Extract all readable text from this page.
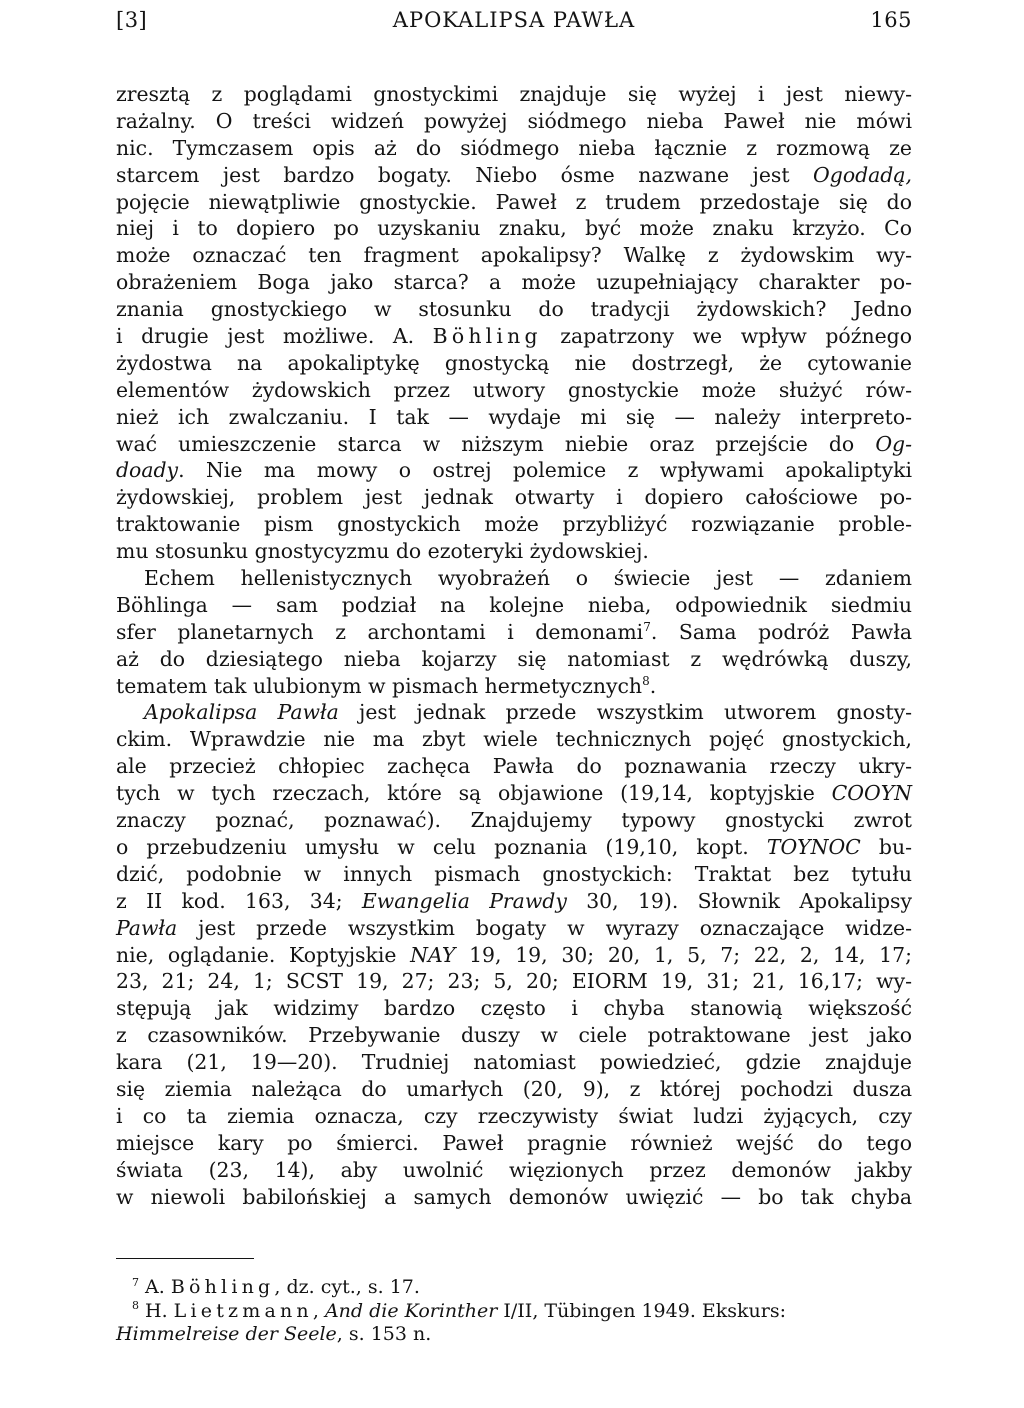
[3]	APOKALIPSA PAWŁA	165
zresztą z poglądami gnostyckimi znajduje się wyżej i jest niewy-
rażalny. O treści widzeń powyżej siódmego nieba Paweł nie mówi
nic. Tymczasem opis aż do siódmego nieba łącznie z rozmową ze
starcem jest bardzo bogaty. Niebo ósme nazwane jest Ogodadą,
pojęcie niewątpliwie gnostyckie. Paweł z trudem przedostaje się do
niej i to dopiero po uzyskaniu znaku, być może znaku krzyżo. Co
może oznaczać ten fragment apokalipsy? Walkę z żydowskim wy-
obrażeniem Boga jako starca? a może uzupełniający charakter po-
znania gnostyckiego w stosunku do tradycji żydowskich? Jedno
i drugie jest możliwe. A. Böhling zapatrzony we wpływ późnego
żydostwa na apokaliptykę gnostycką nie dostrzegł, że cytowanie
elementów żydowskich przez utwory gnostyckie może służyć rów-
nież ich zwalczaniu. I tak — wydaje mi się — należy interpreto-
wać umieszczenie starca w niższym niebie oraz przejście do Og-
doady. Nie ma mowy o ostrej polemice z wpływami apokaliptyki
żydowskiej, problem jest jednak otwarty i dopiero całościowe po-
traktowanie pism gnostyckich może przybliżyć rozwiązanie proble-
mu stosunku gnostycyzmu do ezoteryki żydowskiej.
Echem hellenistycznych wyobrażeń o świecie jest — zdaniem
Böhlinga — sam podział na kolejne nieba, odpowiednik siedmiu
sfer planetarnych z archontami i demonami$^7$. Sama podróż Pawła
aż do dziesiątego nieba kojarzy się natomiast z wędrówką duszy,
tematem tak ulubionym w pismach hermetycznych$^8$.
Apokalipsa Pawła jest jednak przede wszystkim utworem gnosty-
ckim. Wprawdzie nie ma zbyt wiele technicznych pojęć gnostyckich,
ale przecież chłopiec zachęca Pawła do poznawania rzeczy ukry-
tych w tych rzeczach, które są objawione (19,14, koptyjskie COOYN
znaczy poznać, poznawać). Znajdujemy typowy gnostycki zwrot
o przebudzeniu umysłu w celu poznania (19,10, kopt. TOYNOC bu-
dzić, podobnie w innych pismach gnostyckich: Traktat bez tytułu
z II kod. 163, 34; Ewangelia Prawdy 30, 19). Słownik Apokalipsy
Pawła jest przede wszystkim bogaty w wyrazy oznaczające widze-
nie, oglądanie. Koptyjskie NAY 19, 19, 30; 20, 1, 5, 7; 22, 2, 14, 17;
23, 21; 24, 1; SCST 19, 27; 23; 5, 20; EIORM 19, 31; 21, 16,17; wy-
stępują jak widzimy bardzo często i chyba stanowią większość
z czasowników. Przebywanie duszy w ciele potraktowane jest jako
kara (21, 19—20). Trudniej natomiast powiedzieć, gdzie znajduje
się ziemia należąca do umarłych (20, 9), z której pochodzi dusza
i co ta ziemia oznacza, czy rzeczywisty świat ludzi żyjących, czy
miejsce kary po śmierci. Paweł pragnie również wejść do tego
świata (23, 14), aby uwolnić więzionych przez demonów jakby
w niewoli babilońskiej a samych demonów uwięzić — bo tak chyba
$^7$ A. Böhling, dz. cyt., s. 17.
$^8$ H. Lietzmann, And die Korinther I/II, Tübingen 1949. Ekskurs:
Himmelreise der Seele, s. 153 n.
